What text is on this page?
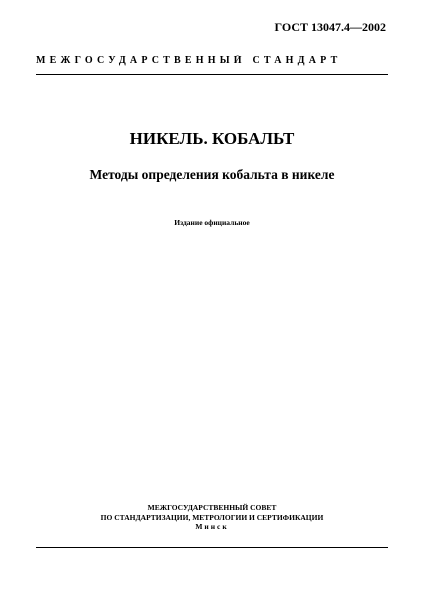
ГОСТ 13047.4—2002
МЕЖГОСУДАРСТВЕННЫЙ СТАНДАРТ
НИКЕЛЬ. КОБАЛЬТ
Методы определения кобальта в никеле
Издание официальное
МЕЖГОСУДАРСТВЕННЫЙ СОВЕТ
ПО СТАНДАРТИЗАЦИИ, МЕТРОЛОГИИ И СЕРТИФИКАЦИИ
Минск
